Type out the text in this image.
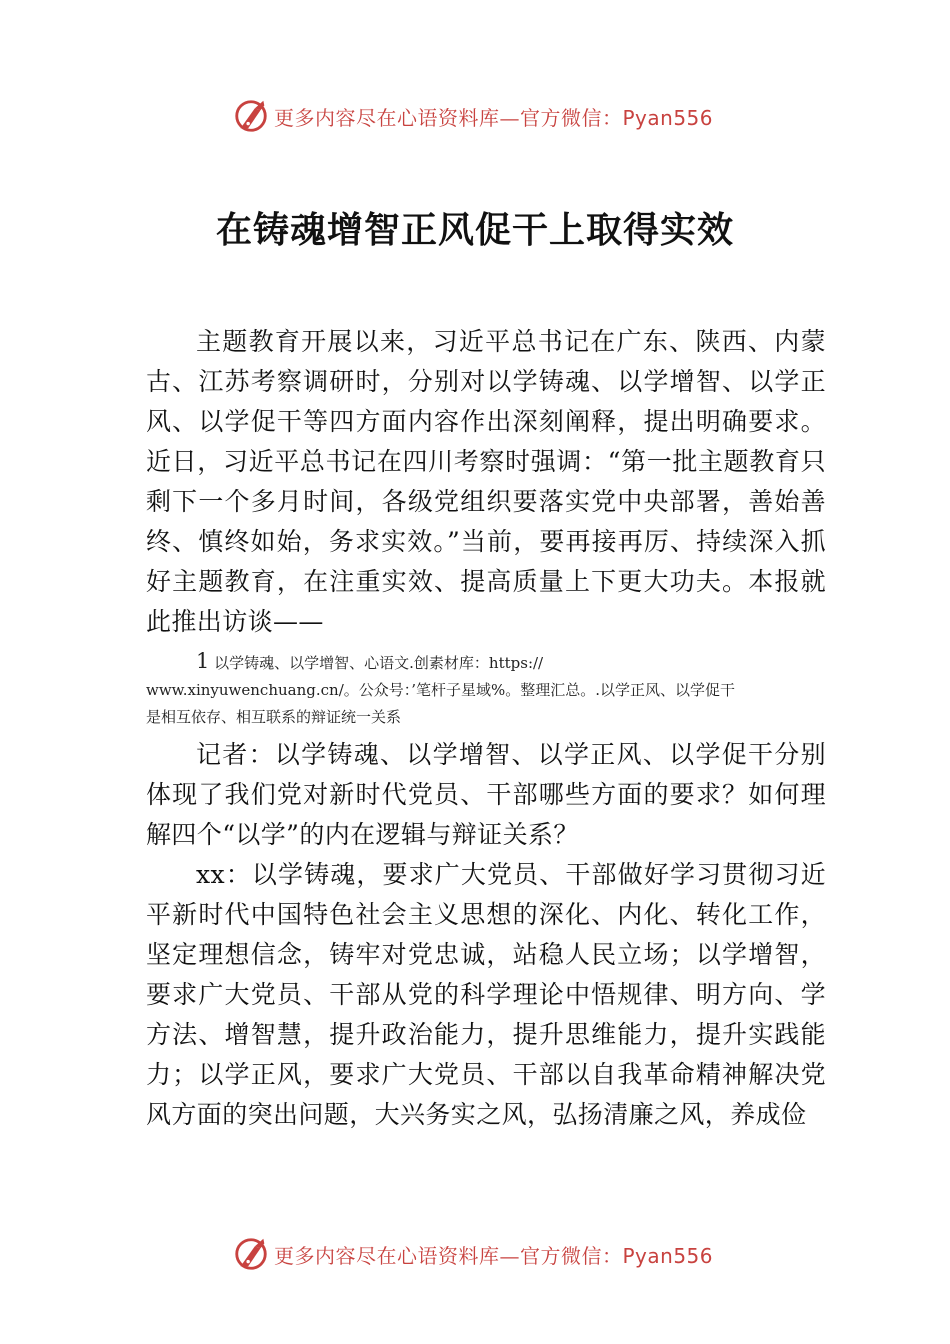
更多内容尽在心语资料库—官方微信：Pyan556
在铸魂增智正风促干上取得实效

主题教育开展以来，习近平总书记在广东、陕西、内蒙古、江苏考察调研时，分别对以学铸魂、以学增智、以学正风、以学促干等四方面内容作出深刻阐释，提出明确要求。近日，习近平总书记在四川考察时强调：“第一批主题教育只剩下一个多月时间，各级党组织要落实党中央部署，善始善终、慎终如始，务求实效。”当前，要再接再厉、持续深入抓好主题教育，在注重实效、提高质量上下更大功夫。本报就此推出访谈——

1 以学铸魂、以学增智、心语文.创素材库：https://
www.xinyuwenchuang.cn/。公众号：’笔杆子星域%。整理汇总。.以学正风、以学促干
是相互依存、相互联系的辩证统一关系

记者：以学铸魂、以学增智、以学正风、以学促干分别体现了我们党对新时代党员、干部哪些方面的要求？如何理解四个“以学”的内在逻辑与辩证关系？

xx：以学铸魂，要求广大党员、干部做好学习贯彻习近平新时代中国特色社会主义思想的深化、内化、转化工作，坚定理想信念，铸牢对党忠诚，站稳人民立场；以学增智，要求广大党员、干部从党的科学理论中悟规律、明方向、学方法、增智慧，提升政治能力，提升思维能力，提升实践能力；以学正风，要求广大党员、干部以自我革命精神解决党风方面的突出问题，大兴务实之风，弘扬清廉之风，养成俭

更多内容尽在心语资料库—官方微信：Pyan556
